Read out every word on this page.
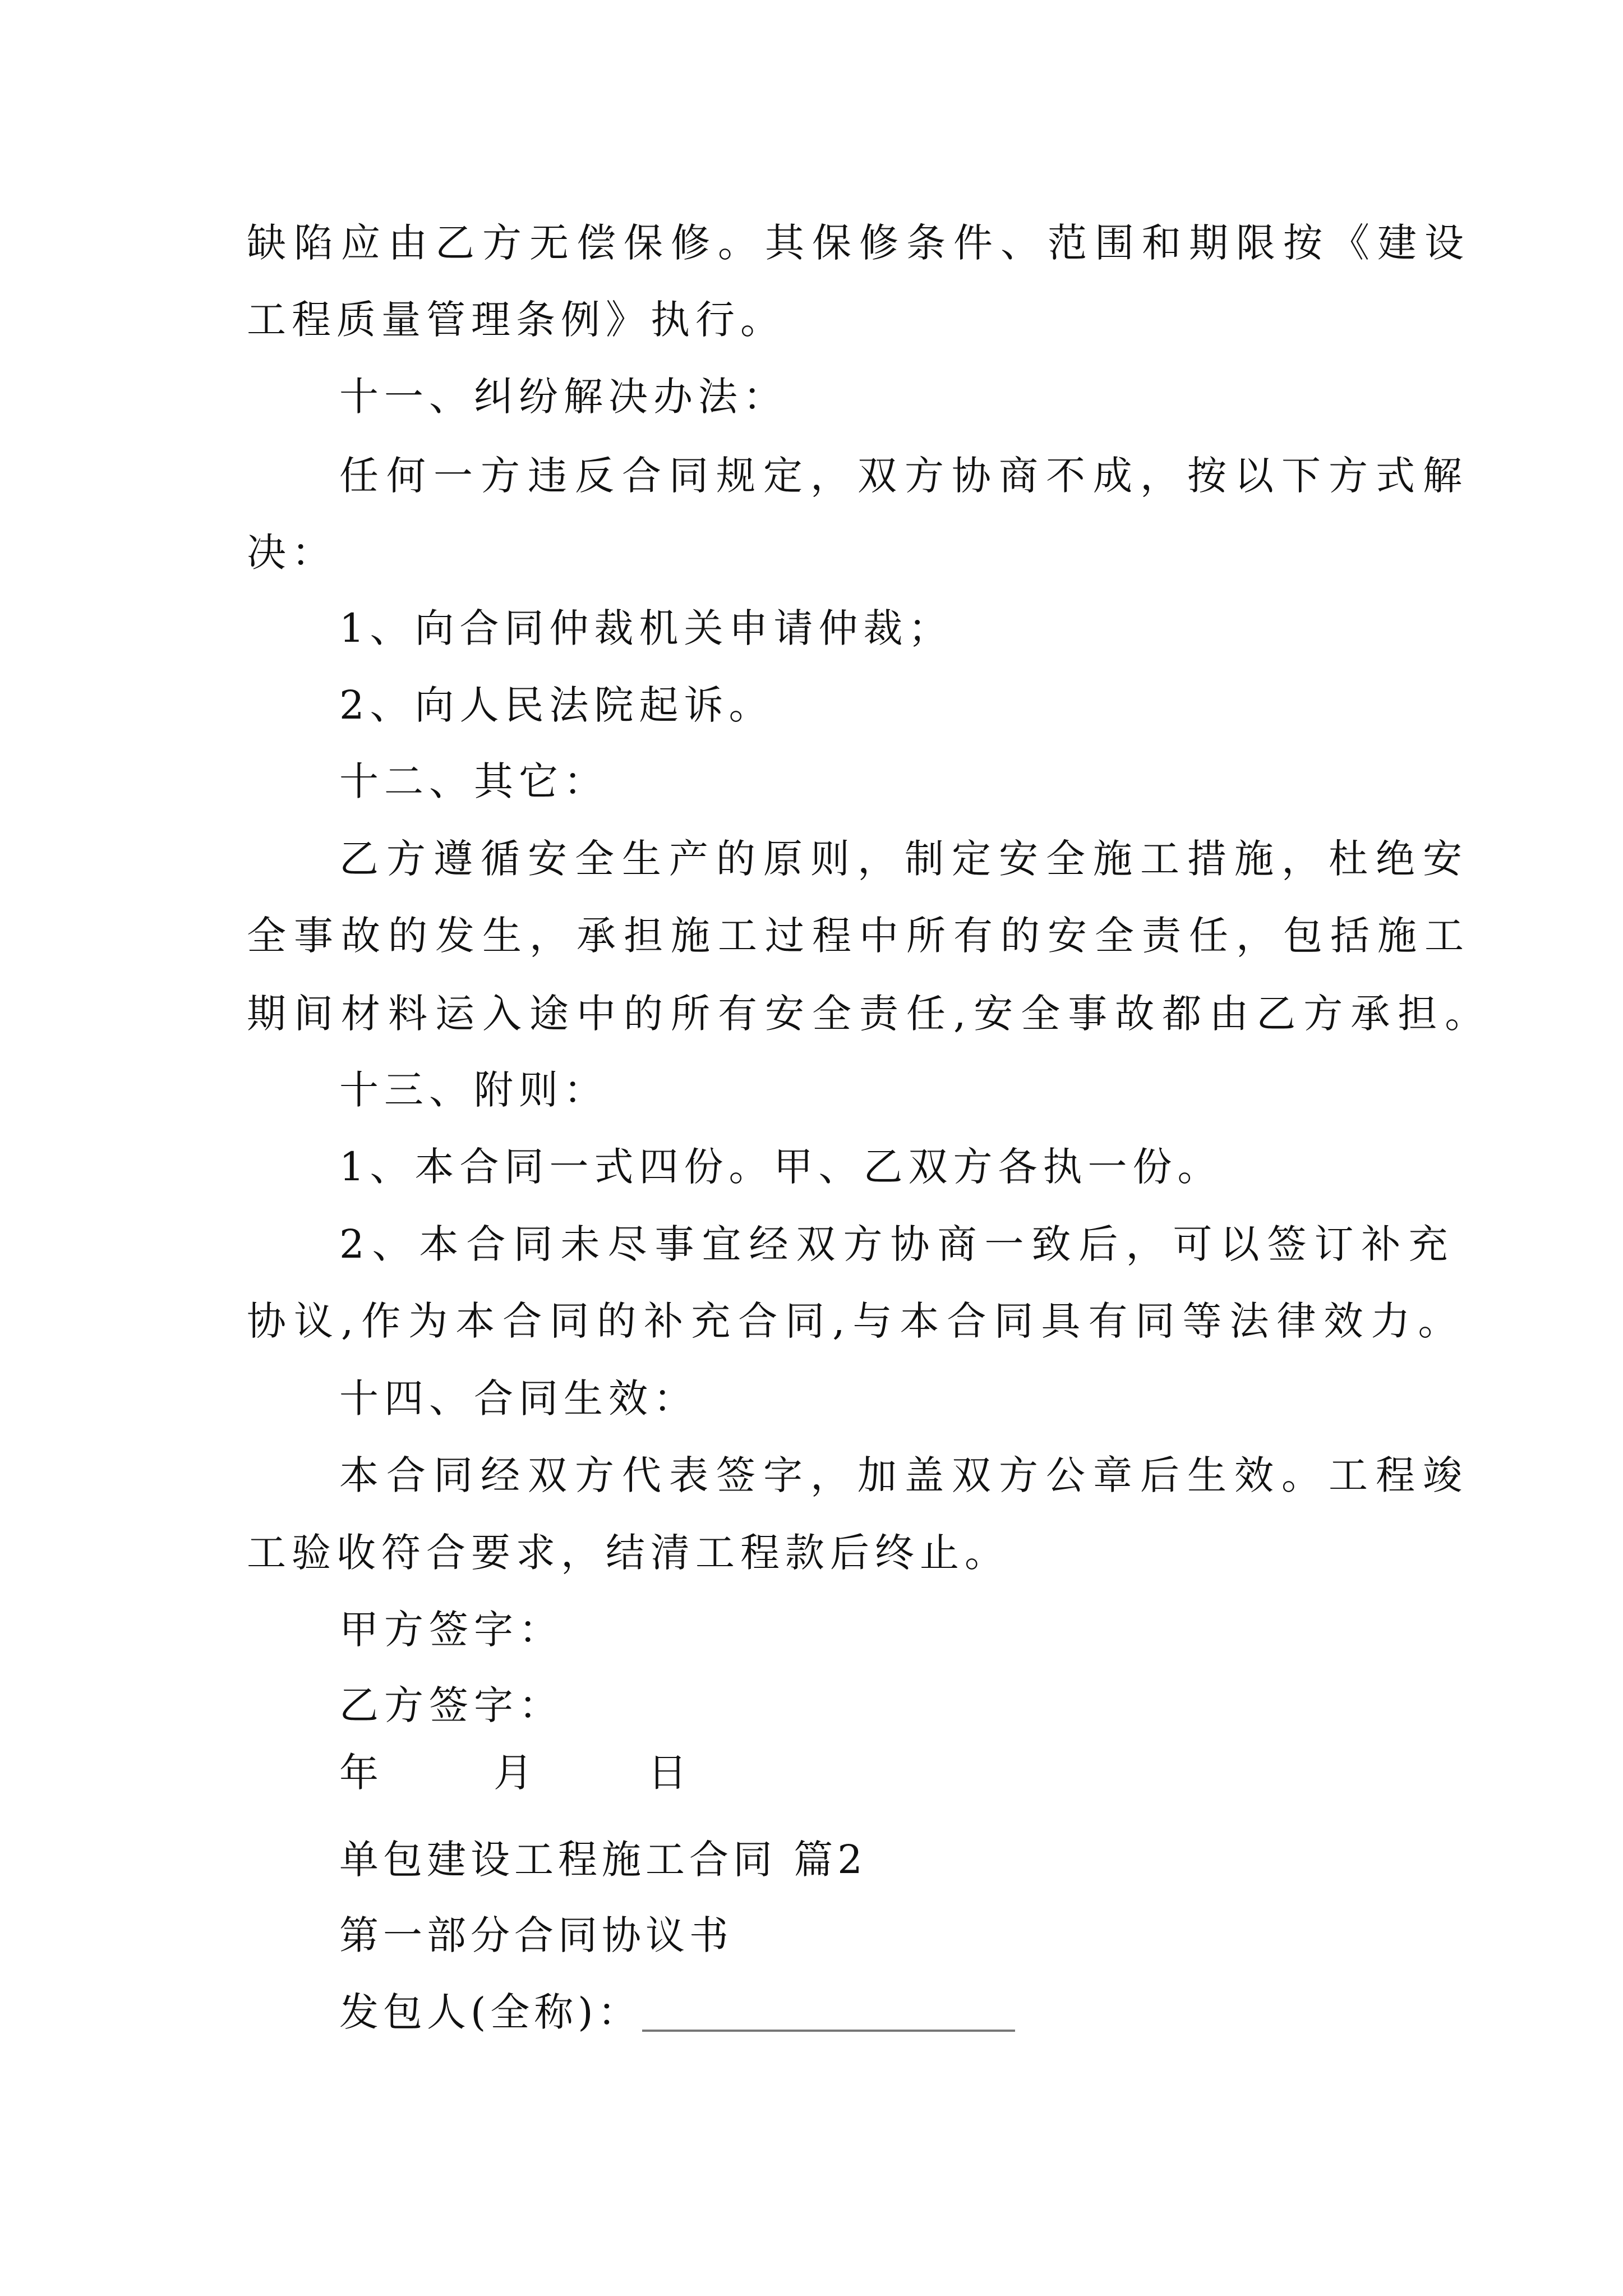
缺陷应由乙方无偿保修。其保修条件、范围和期限按《建设
工程质量管理条例》执行。
十一、纠纷解决办法：
任何一方违反合同规定，双方协商不成，按以下方式解
决：
1、向合同仲裁机关申请仲裁；
2、向人民法院起诉。
十二、其它：
乙方遵循安全生产的原则，制定安全施工措施，杜绝安
全事故的发生，承担施工过程中所有的安全责任，包括施工
期间材料运入途中的所有安全责任,安全事故都由乙方承担。
十三、附则：
1、本合同一式四份。甲、乙双方各执一份。
2、本合同未尽事宜经双方协商一致后，可以签订补充
协议,作为本合同的补充合同,与本合同具有同等法律效力。
十四、合同生效：
本合同经双方代表签字，加盖双方公章后生效。工程竣
工验收符合要求，结清工程款后终止。
甲方签字：
乙方签字：
年	月	日
单包建设工程施工合同 篇2
第一部分合同协议书
发包人(全称)：
